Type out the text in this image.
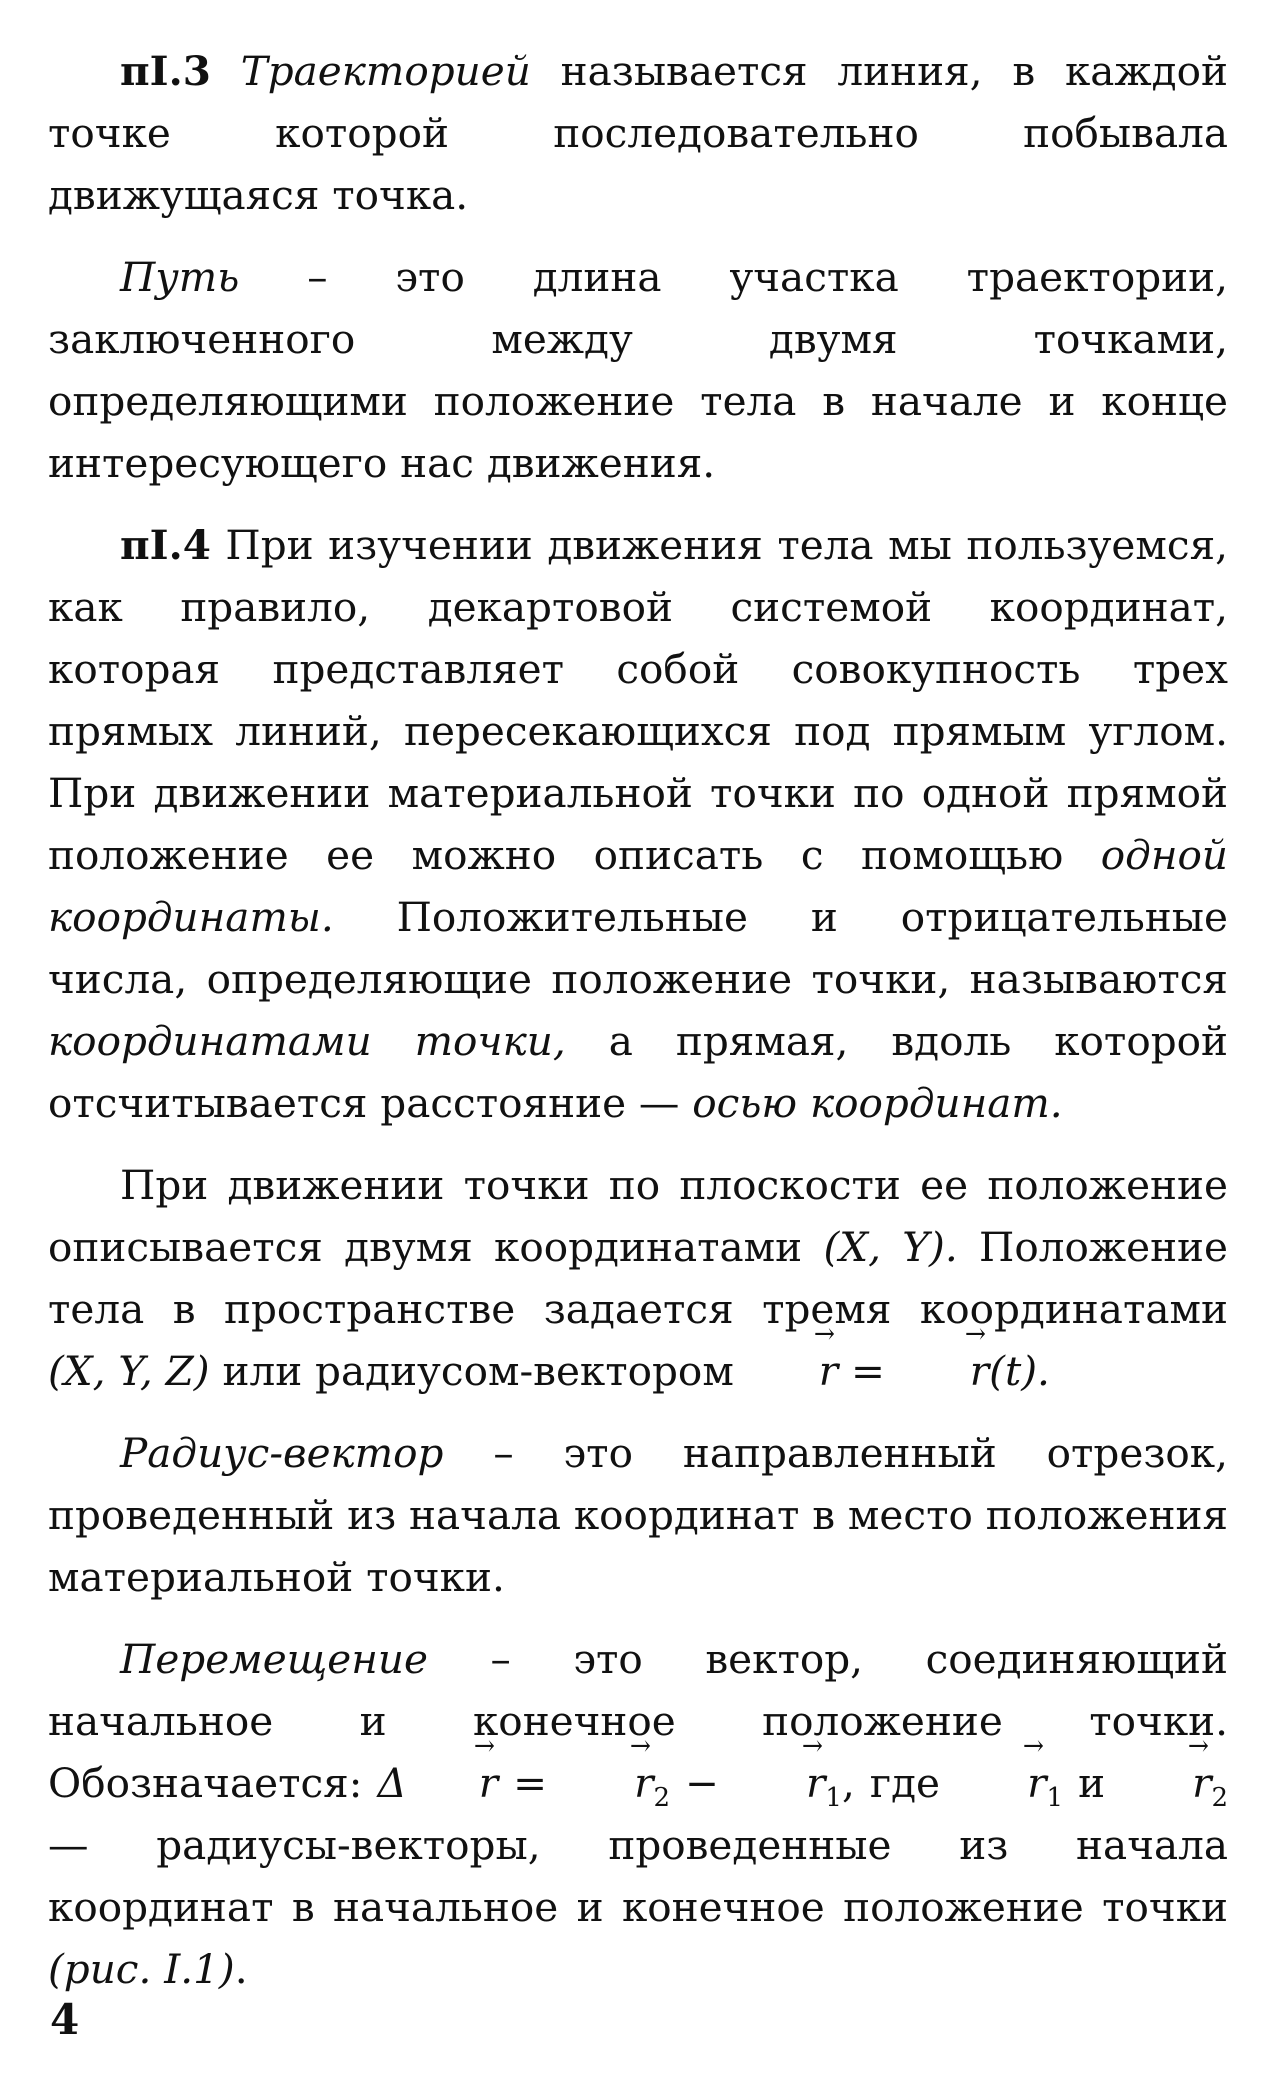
пI.3 Траекторией называется линия, в каждой точке которой последовательно побывала движущаяся точка.

Путь – это длина участка траектории, заключенного между двумя точками, определяющими положение тела в начале и конце интересующего нас движения.

пI.4 При изучении движения тела мы пользуемся, как правило, декартовой системой координат, которая представляет собой совокупность трех прямых линий, пересекающихся под прямым углом. При движении материальной точки по одной прямой положение ее можно описать с помощью одной координаты. Положительные и отрицательные числа, определяющие положение точки, называются координатами точки, а прямая, вдоль которой отсчитывается расстояние — осью координат.

При движении точки по плоскости ее положение описывается двумя координатами (X, Y). Положение тела в пространстве задается тремя координатами (X, Y, Z) или радиусом-вектором → r = → r(t).

Радиус-вектор – это направленный отрезок, проведенный из начала координат в место положения материальной точки.

Перемещение – это вектор, соединяющий начальное и конечное положение точки. Обозначается: Δ → r = → $r_2$ − → $r_1$, где → $r_1$ $и \to r_2$ — радиусы-векторы, проведенные из начала координат в начальное и конечное положение точки (рис. I.1).

4
